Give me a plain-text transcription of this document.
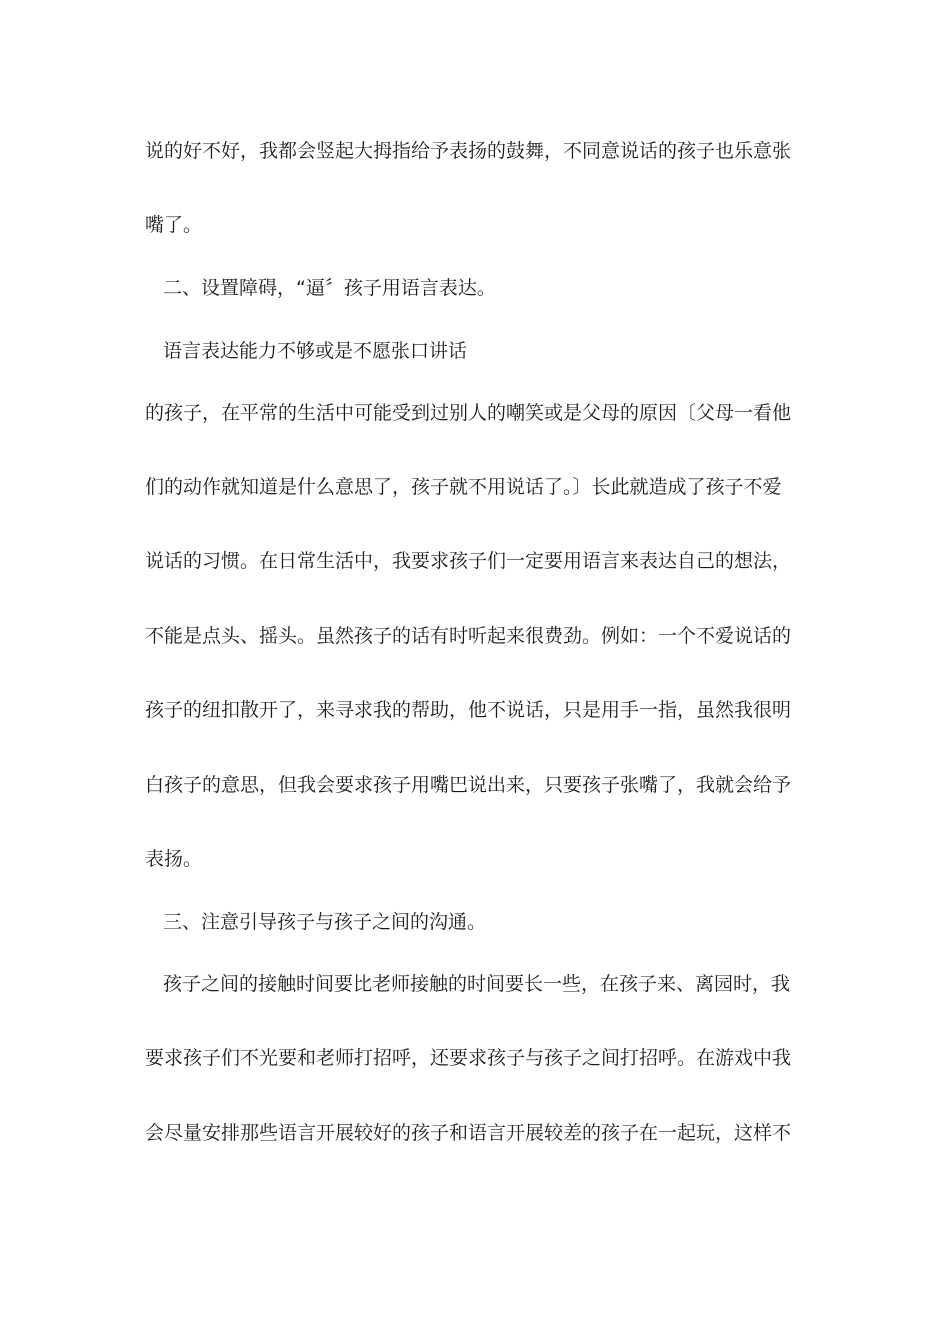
说的好不好，我都会竖起大拇指给予表扬的鼓舞，不同意说话的孩子也乐意张
嘴了。
二、设置障碍，“逼〞孩子用语言表达。
语言表达能力不够或是不愿张口讲话
的孩子，在平常的生活中可能受到过别人的嘲笑或是父母的原因〔父母一看他
们的动作就知道是什么意思了，孩子就不用说话了。〕长此就造成了孩子不爱
说话的习惯。在日常生活中，我要求孩子们一定要用语言来表达自己的想法，
不能是点头、摇头。虽然孩子的话有时听起来很费劲。例如：一个不爱说话的
孩子的纽扣散开了，来寻求我的帮助，他不说话，只是用手一指，虽然我很明
白孩子的意思，但我会要求孩子用嘴巴说出来，只要孩子张嘴了，我就会给予
表扬。
三、注意引导孩子与孩子之间的沟通。
孩子之间的接触时间要比老师接触的时间要长一些，在孩子来、离园时，我
要求孩子们不光要和老师打招呼，还要求孩子与孩子之间打招呼。在游戏中我
会尽量安排那些语言开展较好的孩子和语言开展较差的孩子在一起玩，这样不
